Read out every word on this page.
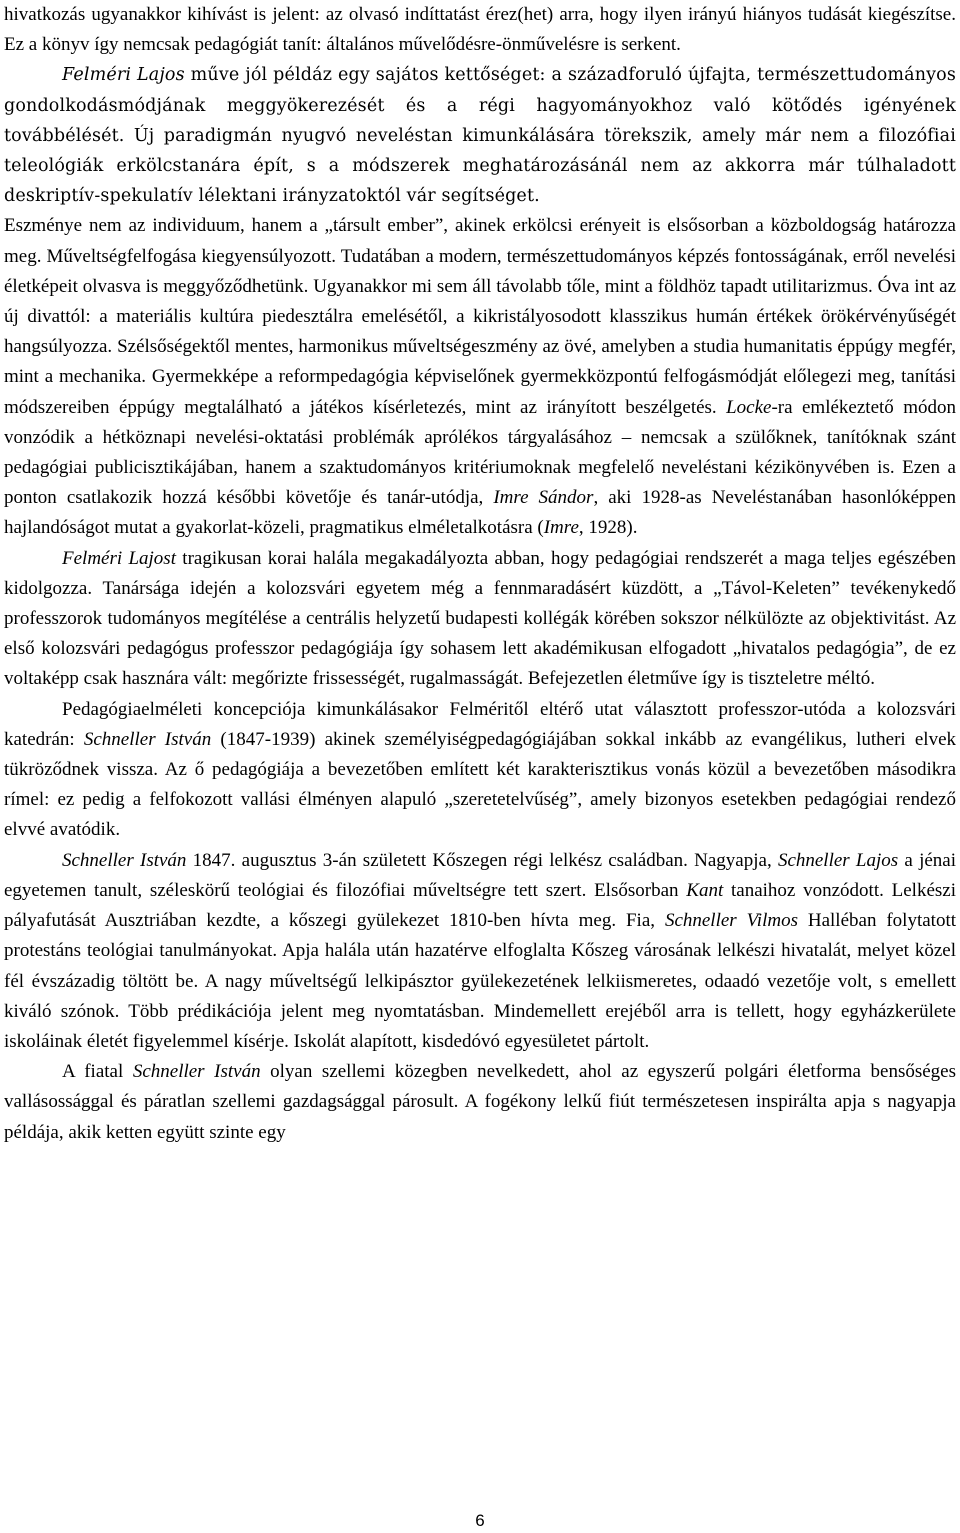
hivatkozás ugyanakkor kihívást is jelent: az olvasó indíttatást érez(het) arra, hogy ilyen irányú hiányos tudását kiegészítse. Ez a könyv így nemcsak pedagógiát tanít: általános művelődésre-önművelésre is serkent.

Felméri Lajos műve jól példáz egy sajátos kettőséget: a századforuló újfajta, természettudományos gondolkodásmódjának meggyökerezését és a régi hagyományokhoz való kötődés igényének továbbélését. Új paradigmán nyugvó neveléstan kimunkálására törekszik, amely már nem a filozófiai teleológiák erkölcstanára épít, s a módszerek meghatározásánál nem az akkorra már túlhaladott deskriptív-spekulatív lélektani irányzatoktól vár segítséget.

Eszménye nem az individuum, hanem a „társult ember”, akinek erkölcsi erényeit is elsősorban a közboldogság határozza meg. Műveltségfelfogása kiegyensúlyozott. Tudatában a modern, természettudományos képzés fontosságának, erről nevelési életképeit olvasva is meggyőződhetünk. Ugyanakkor mi sem áll távolabb tőle, mint a földhöz tapadt utilitarizmus. Óva int az új divattól: a materiális kultúra piedesztálra emelésétől, a kikristályosodott klasszikus humán értékek örökérvényűségét hangsúlyozza. Szélsőségektől mentes, harmonikus műveltségeszmény az övé, amelyben a studia humanitatis éppúgy megfér, mint a mechanika. Gyermekképe a reformpedagógia képviselőnek gyermekközpontú felfogásmódját előlegezi meg, tanítási módszereiben éppúgy megtalálható a játékos kísérletezés, mint az irányított beszélgetés. Locke-ra emlékeztető módon vonzódik a hétköznapi nevelési-oktatási problémák aprólékos tárgyalásához – nemcsak a szülőknek, tanítóknak szánt pedagógiai publicisztikájában, hanem a szaktudományos kritériumoknak megfelelő neveléstani kézikönyvében is. Ezen a ponton csatlakozik hozzá későbbi követője és tanár-utódja, Imre Sándor, aki 1928-as Neveléstanában hasonlóképpen hajlandóságot mutat a gyakorlat-közeli, pragmatikus elméletalkotásra (Imre, 1928).

Felméri Lajost tragikusan korai halála megakadályozta abban, hogy pedagógiai rendszerét a maga teljes egészében kidolgozza. Tanársága idején a kolozsvári egyetem még a fennmaradásért küzdött, a „Távol-Keleten” tevékenykedő professzorok tudományos megítélése a centrális helyzetű budapesti kollégák körében sokszor nélkülözte az objektivitást. Az első kolozsvári pedagógus professzor pedagógiája így sohasem lett akadémikusan elfogadott „hivatalos pedagógia”, de ez voltaképp csak hasznára vált: megőrizte frissességét, rugalmasságát. Befejezetlen életműve így is tiszteletre méltó.

Pedagógiaelméleti koncepciója kimunkálásakor Felméritől eltérő utat választott professzor-utóda a kolozsvári katedrán: Schneller István (1847-1939) akinek személyiségpedagógiájában sokkal inkább az evangélikus, lutheri elvek tükröződnek vissza. Az ő pedagógiája a bevezetőben említett két karakterisztikus vonás közül a bevezetőben másodikra rímel: ez pedig a felfokozott vallási élményen alapuló „szeretetelvűség”, amely bizonyos esetekben pedagógiai rendező elvvé avatódik.

Schneller István 1847. augusztus 3-án született Kőszegen régi lelkész családban. Nagyapja, Schneller Lajos a jénai egyetemen tanult, széleskörű teológiai és filozófiai műveltségre tett szert. Elsősorban Kant tanaihoz vonzódott. Lelkészi pályafutását Ausztriában kezdte, a kőszegi gyülekezet 1810-ben hívta meg. Fia, Schneller Vilmos Halléban folytatott protestáns teológiai tanulmányokat. Apja halála után hazatérve elfoglalta Kőszeg városának lelkészi hivatalát, melyet közel fél évszázadig töltött be. A nagy műveltségű lelkipásztor gyülekezetének lelkiismeretes, odaadó vezetője volt, s emellett kiváló szónok. Több prédikációja jelent meg nyomtatásban. Mindemellett erejéből arra is tellett, hogy egyházkerülete iskoláinak életét figyelemmel kísérje. Iskolát alapított, kisdedóvó egyesületet pártolt.

A fiatal Schneller István olyan szellemi közegben nevelkedett, ahol az egyszerű polgári életforma bensőséges vallásossággal és páratlan szellemi gazdagsággal párosult. A fogékony lelkű fiút természetesen inspirálta apja s nagyapja példája, akik ketten együtt szinte egy

6
